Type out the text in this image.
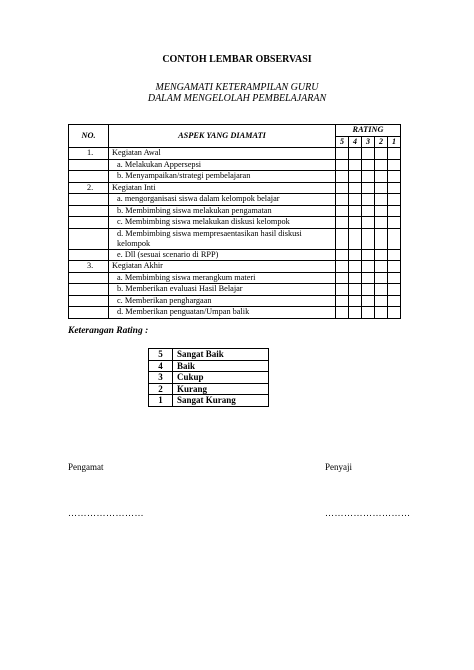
CONTOH LEMBAR OBSERVASI
MENGAMATI KETERAMPILAN GURU
DALAM MENGELOLAH PEMBELAJARAN
NO.	ASPEK YANG DIAMATI	RATING				
		5	4	3	2	1
1.	Kegiatan Awal					
	a. Melakukan Appersepsi					
	b. Menyampaikan/strategi pembelajaran					
2.	Kegiatan Inti					
	a. mengorganisasi siswa dalam kelompok belajar					
	b. Membimbing siswa melakukan pengamatan					
	c. Membimbing siswa melakukan diskusi kelompok					
	d. Membimbing siswa mempresaentasikan hasil diskusi kelompok					
	e. Dll (sesuai scenario di RPP)					
3.	Kegiatan Akhir					
	a. Membimbing siswa merangkum materi					
	b. Memberikan evaluasi Hasil Belajar					
	c. Memberikan penghargaan					
	d. Memberikan penguatan/Umpan balik					
Keterangan Rating :
5	Sangat Baik
4	Baik
3	Cukup
2	Kurang
1	Sangat Kurang
Pengamat	Penyaji
……………………	………………………
